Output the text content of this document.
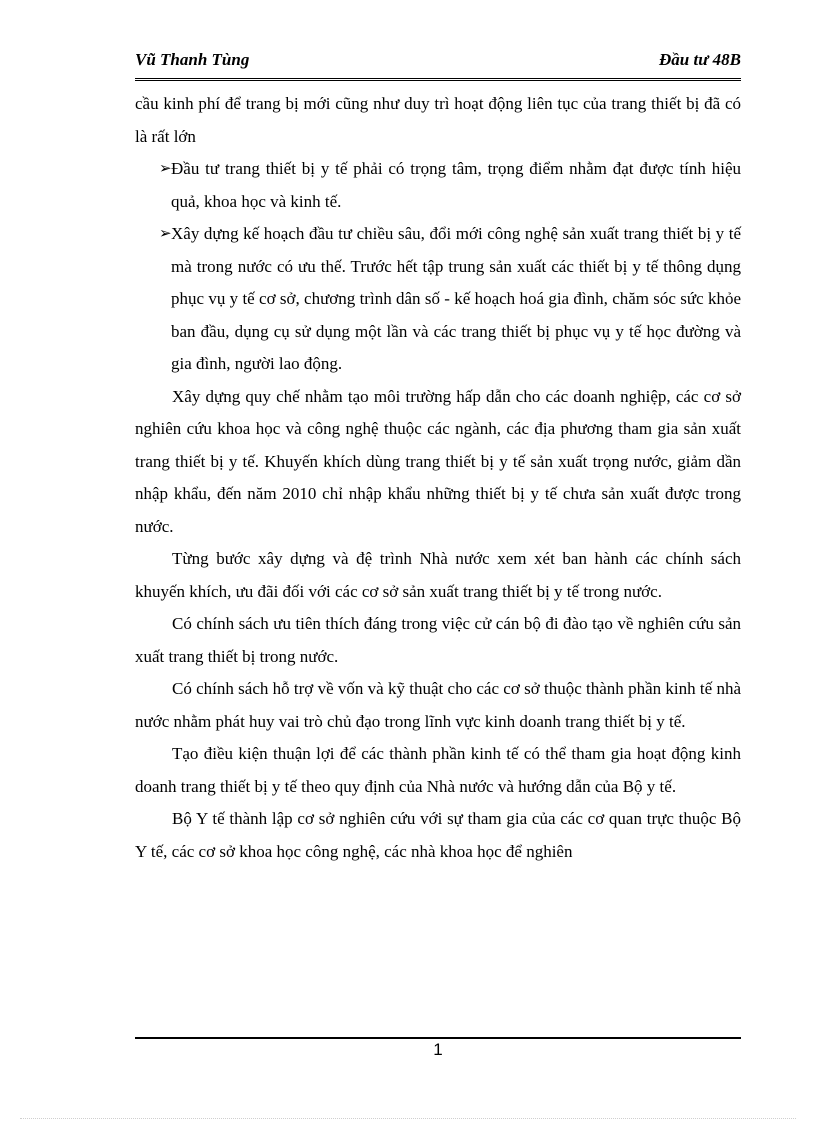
Vũ Thanh Tùng	Đầu tư 48B

cầu kinh phí để trang bị mới cũng như duy trì hoạt động liên tục của trang thiết bị đã có là rất lớn

➢ Đầu tư trang thiết bị y tế phải có trọng tâm, trọng điểm nhằm đạt được tính hiệu quả, khoa học và kinh tế.

➢ Xây dựng kế hoạch đầu tư chiều sâu, đổi mới công nghệ sản xuất trang thiết bị y tế mà trong nước có ưu thế. Trước hết tập trung sản xuất các thiết bị y tế thông dụng phục vụ y tế cơ sở, chương trình dân số - kế hoạch hoá gia đình, chăm sóc sức khỏe ban đầu, dụng cụ sử dụng một lần và các trang thiết bị phục vụ y tế học đường và gia đình, người lao động.

Xây dựng quy chế nhằm tạo môi trường hấp dẫn cho các doanh nghiệp, các cơ sở nghiên cứu khoa học và công nghệ thuộc các ngành, các địa phương tham gia sản xuất trang thiết bị y tế. Khuyến khích dùng trang thiết bị y tế sản xuất trọng nước, giảm dần nhập khẩu, đến năm 2010 chỉ nhập khẩu những thiết bị y tế chưa sản xuất được trong nước.

Từng bước xây dựng và đệ trình Nhà nước xem xét ban hành các chính sách khuyến khích, ưu đãi đối với các cơ sở sản xuất trang thiết bị y tế trong nước.

Có chính sách ưu tiên thích đáng trong việc cử cán bộ đi đào tạo về nghiên cứu sản xuất trang thiết bị trong nước.

Có chính sách hỗ trợ về vốn và kỹ thuật cho các cơ sở thuộc thành phần kinh tế nhà nước nhằm phát huy vai trò chủ đạo trong lĩnh vực kinh doanh trang thiết bị y tế.

Tạo điều kiện thuận lợi để các thành phần kinh tế có thể tham gia hoạt động kinh doanh trang thiết bị y tế theo quy định của Nhà nước và hướng dẫn của Bộ y tế.

Bộ Y tế thành lập cơ sở nghiên cứu với sự tham gia của các cơ quan trực thuộc Bộ Y tế, các cơ sở khoa học công nghệ, các nhà khoa học để nghiên

1
